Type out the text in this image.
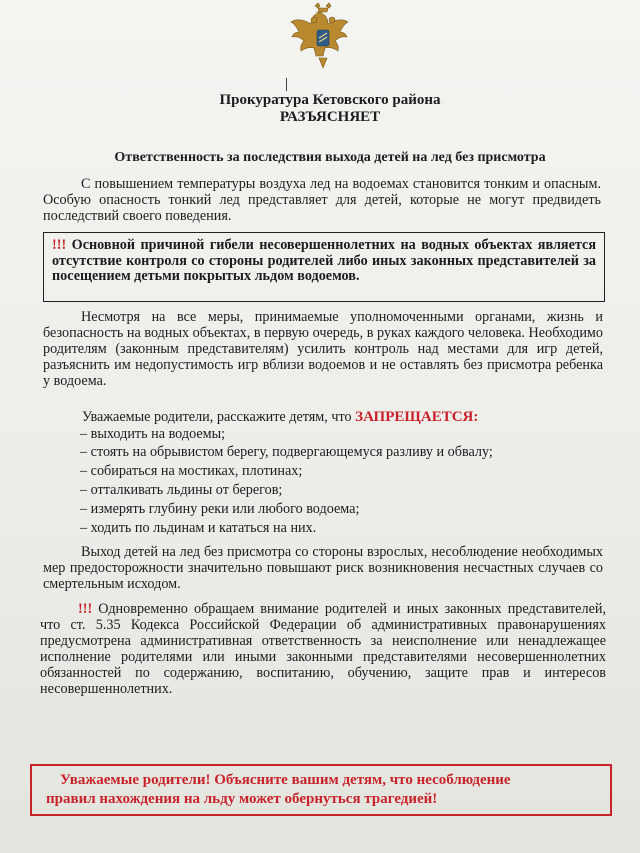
Прокуратура Кетовского района
РАЗЪЯСНЯЕТ
Ответственность за последствия выхода детей на лед без присмотра
С повышением температуры воздуха лед на водоемах становится тонким и опасным. Особую опасность тонкий лед представляет для детей, которые не могут предвидеть последствий своего поведения.
!!! Основной причиной гибели несовершеннолетних на водных объектах является отсутствие контроля со стороны родителей либо иных законных представителей за посещением детьми покрытых льдом водоемов.
Несмотря на все меры, принимаемые уполномоченными органами, жизнь и безопасность на водных объектах, в первую очередь, в руках каждого человека. Необходимо родителям (законным представителям) усилить контроль над местами для игр детей, разъяснить им недопустимость игр вблизи водоемов и не оставлять без присмотра ребенка у водоема.
Уважаемые родители, расскажите детям, что ЗАПРЕЩАЕТСЯ:
– выходить на водоемы;
– стоять на обрывистом берегу, подвергающемуся разливу и обвалу;
– собираться на мостиках, плотинах;
– отталкивать льдины от берегов;
– измерять глубину реки или любого водоема;
– ходить по льдинам и кататься на них.
Выход детей на лед без присмотра со стороны взрослых, несоблюдение необходимых мер предосторожности значительно повышают риск возникновения несчастных случаев со смертельным исходом.
!!! Одновременно обращаем внимание родителей и иных законных представителей, что ст. 5.35 Кодекса Российской Федерации об административных правонарушениях предусмотрена административная ответственность за неисполнение или ненадлежащее исполнение родителями или иными законными представителями несовершеннолетних обязанностей по содержанию, воспитанию, обучению, защите прав и интересов несовершеннолетних.
Уважаемые родители! Объясните вашим детям, что несоблюдение
правил нахождения на льду может обернуться трагедией!
